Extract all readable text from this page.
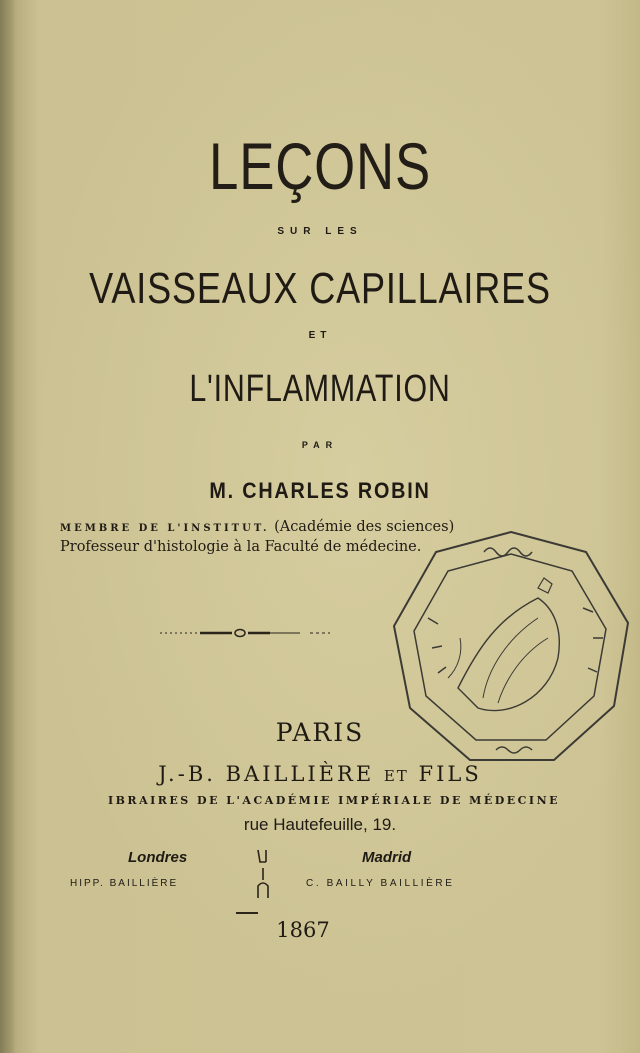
LEÇONS
SUR LES
VAISSEAUX CAPILLAIRES
ET
L'INFLAMMATION
PAR
M. CHARLES ROBIN
MEMBRE DE L'INSTITUT. (Académie des sciences)
Professeur d'histologie à la Faculté de médecine.
PARIS
J.-B. BAILLIÈRE ET FILS
IBRAIRES DE L'ACADÉMIE IMPÉRIALE DE MÉDECINE
rue Hautefeuille, 19.
Londres	Madrid
HIPP. BAILLIÈRE	C. BAILLY BAILLIÈRE
1867
